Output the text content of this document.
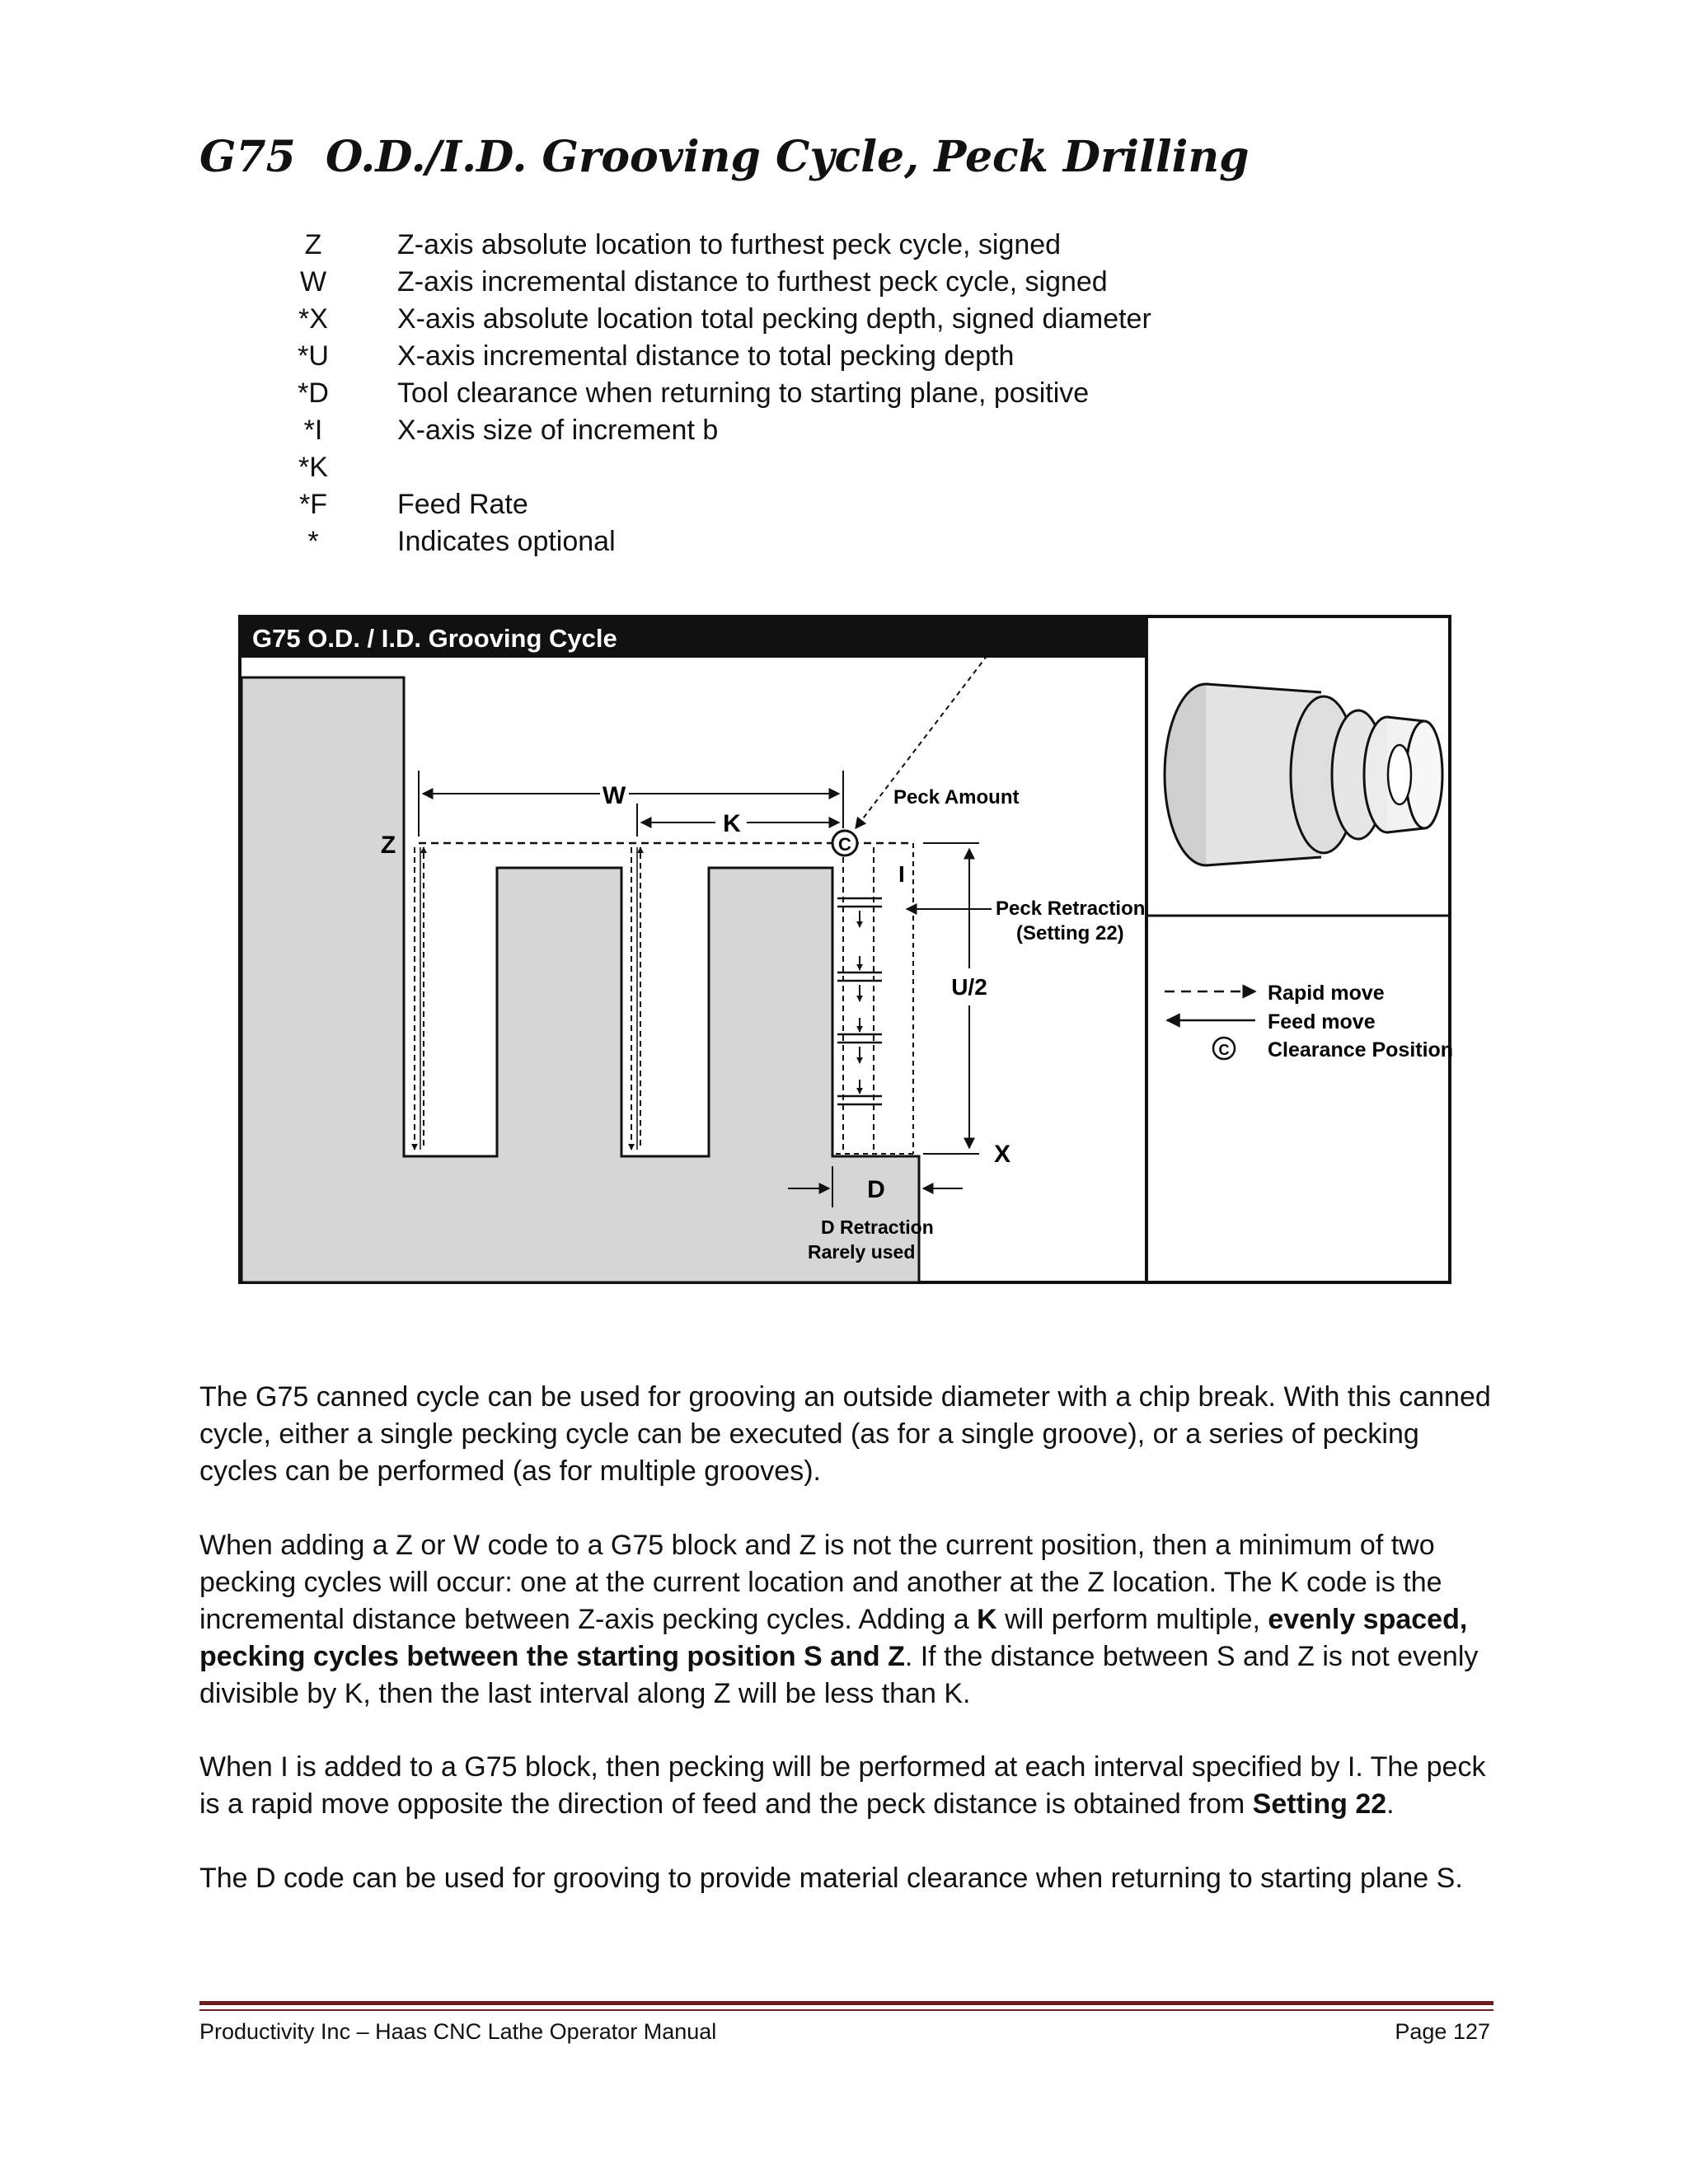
G75  O.D./I.D. Grooving Cycle, Peck Drilling
Z	Z-axis absolute location to furthest peck cycle, signed
W	Z-axis incremental distance to furthest peck cycle, signed
*X	X-axis absolute location total pecking depth, signed diameter
*U	X-axis incremental distance to total pecking depth
*D	Tool clearance when returning to starting plane, positive
*I	X-axis size of increment b
*K
*F	Feed Rate
*	Indicates optional
G75 O.D. / I.D. Grooving Cycle
C
W
K
Z
Peck Amount
I
Peck Retraction
(Setting 22)
U/2
X
D
D Retraction
Rarely used
Rapid move
Feed move
C Clearance Position

The G75 canned cycle can be used for grooving an outside diameter with a chip break. With this canned cycle, either a single pecking cycle can be executed (as for a single groove), or a series of pecking cycles can be performed (as for multiple grooves).

When adding a Z or W code to a G75 block and Z is not the current position, then a minimum of two pecking cycles will occur: one at the current location and another at the Z location. The K code is the incremental distance between Z-axis pecking cycles. Adding a K will perform multiple, evenly spaced, pecking cycles between the starting position S and Z. If the distance between S and Z is not evenly divisible by K, then the last interval along Z will be less than K.

When I is added to a G75 block, then pecking will be performed at each interval specified by I. The peck is a rapid move opposite the direction of feed and the peck distance is obtained from Setting 22.

The D code can be used for grooving to provide material clearance when returning to starting plane S.

Productivity Inc – Haas CNC Lathe Operator Manual	Page 127
